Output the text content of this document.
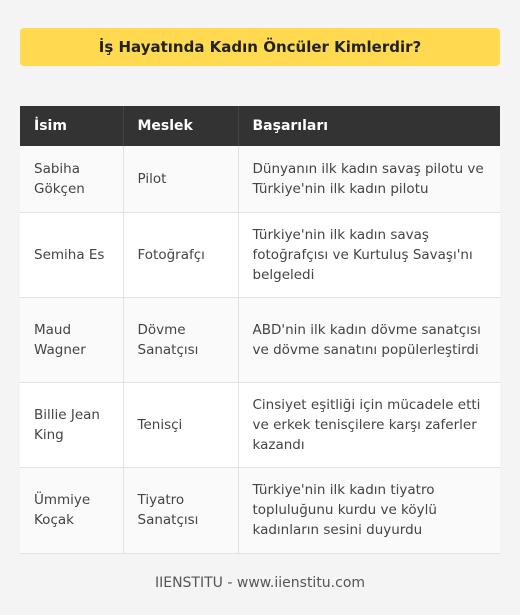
İş Hayatında Kadın Öncüler Kimlerdir?
İsim	Meslek	Başarıları
Sabiha Gökçen	Pilot	Dünyanın ilk kadın savaş pilotu ve Türkiye'nin ilk kadın pilotu
Semiha Es	Fotoğrafçı	Türkiye'nin ilk kadın savaş fotoğrafçısı ve Kurtuluş Savaşı'nı belgeledi
Maud Wagner	Dövme Sanatçısı	ABD'nin ilk kadın dövme sanatçısı ve dövme sanatını popülerleştirdi
Billie Jean King	Tenisçi	Cinsiyet eşitliği için mücadele etti ve erkek tenisçilere karşı zaferler kazandı
Ümmiye Koçak	Tiyatro Sanatçısı	Türkiye'nin ilk kadın tiyatro topluluğunu kurdu ve köylü kadınların sesini duyurdu
IIENSTITU - www.iienstitu.com
